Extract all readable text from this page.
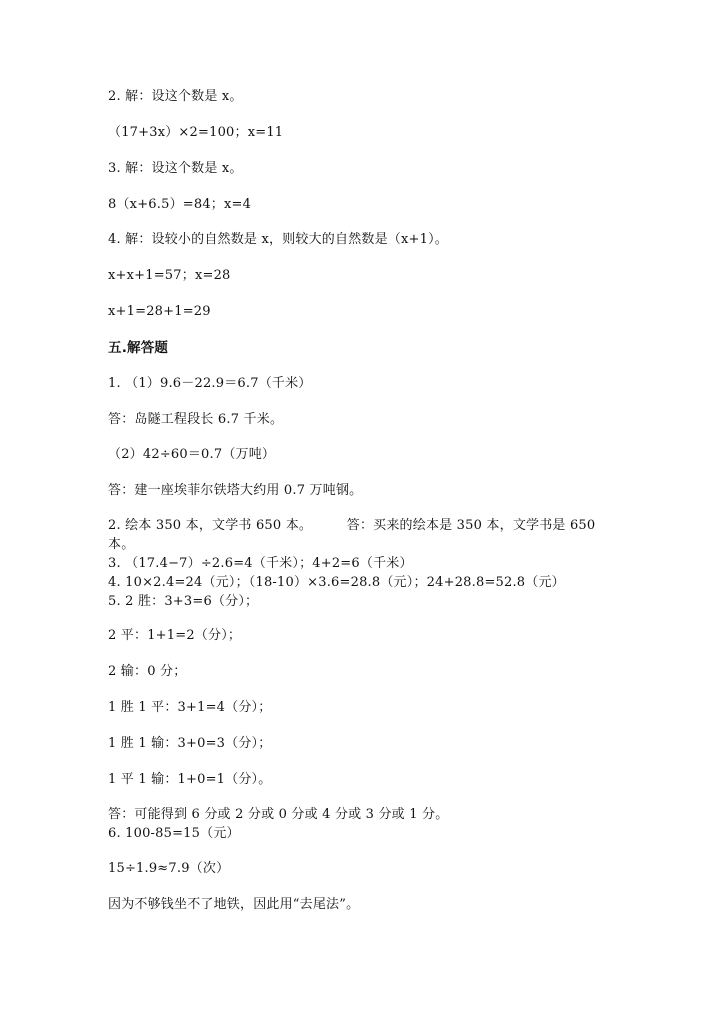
2. 解：设这个数是 x。
（17+3x）×2=100；x=11
3. 解：设这个数是 x。
8（x+6.5）=84；x=4
4. 解：设较小的自然数是 x，则较大的自然数是（x+1）。
x+x+1=57；x=28
x+1=28+1=29
五.解答题
1. （1）9.6－22.9＝6.7（千米）
答：岛隧工程段长 6.7 千米。
（2）42÷60＝0.7（万吨）
答：建一座埃菲尔铁塔大约用 0.7 万吨钢。
2. 绘本 350 本，文学书 650 本。        答：买来的绘本是 350 本，文学书是 650
本。
3. （17.4−7）÷2.6=4（千米）；4+2=6（千米）
4. 10×2.4=24（元）；（18-10）×3.6=28.8（元）；24+28.8=52.8（元）
5. 2 胜：3+3=6（分）；
2 平：1+1=2（分）；
2 输：0 分；
1 胜 1 平：3+1=4（分）；
1 胜 1 输：3+0=3（分）；
1 平 1 输：1+0=1（分）。
答：可能得到 6 分或 2 分或 0 分或 4 分或 3 分或 1 分。
6. 100-85=15（元）
15÷1.9≈7.9（次）
因为不够钱坐不了地铁，因此用“去尾法”。
